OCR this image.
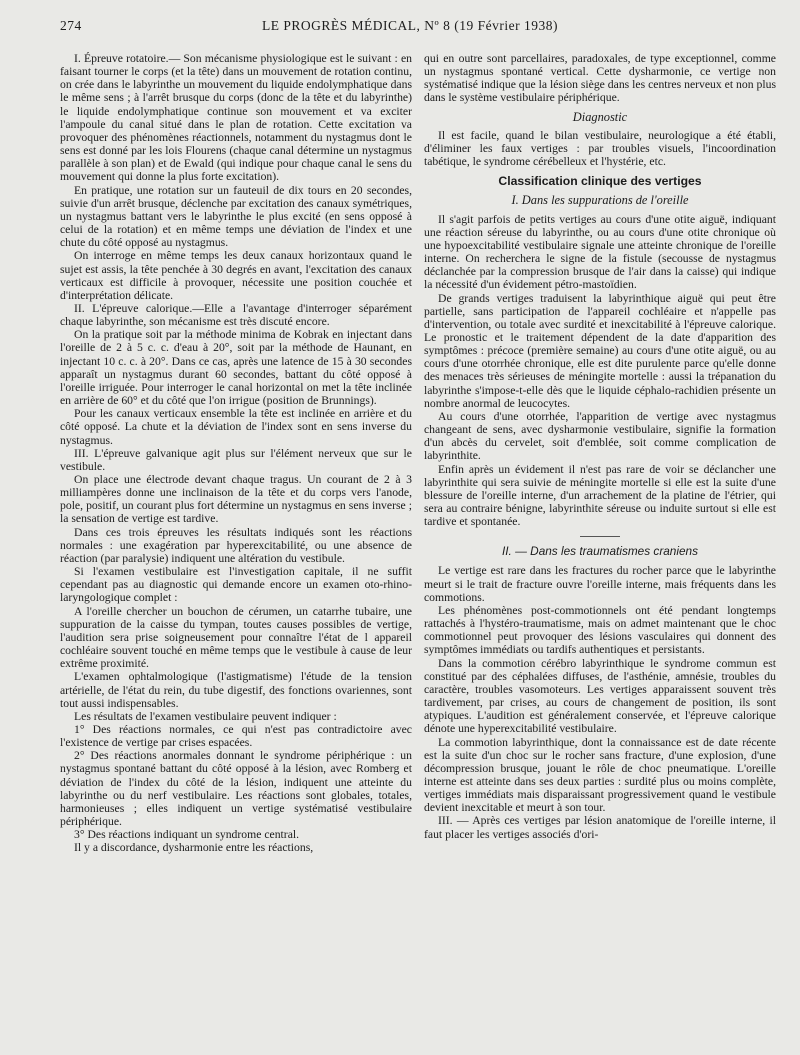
274	LE PROGRÈS MÉDICAL, Nº 8 (19 Février 1938)

I. Épreuve rotatoire.— Son mécanisme physiologique est le suivant : en faisant tourner le corps (et la tête) dans un mouvement de rotation continu, on crée dans le labyrinthe un mouvement du liquide endolymphatique dans le même sens ; à l'arrêt brusque du corps (donc de la tête et du labyrinthe) le liquide endolymphatique continue son mouvement et va exciter l'ampoule du canal situé dans le plan de rotation. Cette excitation va provoquer des phénomènes réactionnels, notamment du nystagmus dont le sens est donné par les lois Flourens (chaque canal détermine un nystagmus parallèle à son plan) et de Ewald (qui indique pour chaque canal le sens du mouvement qui donne la plus forte excitation).

En pratique, une rotation sur un fauteuil de dix tours en 20 secondes, suivie d'un arrêt brusque, déclenche par excitation des canaux symétriques, un nystagmus battant vers le labyrinthe le plus excité (en sens opposé à celui de la rotation) et en même temps une déviation de l'index et une chute du côté opposé au nystagmus.

On interroge en même temps les deux canaux horizontaux quand le sujet est assis, la tête penchée à 30 degrés en avant, l'excitation des canaux verticaux est difficile à provoquer, nécessite une position couchée et d'interprétation délicate.

II. L'épreuve calorique.—Elle a l'avantage d'interroger séparément chaque labyrinthe, son mécanisme est très discuté encore.

On la pratique soit par la méthode minima de Kobrak en injectant dans l'oreille de 2 à 5 c. c. d'eau à 20°, soit par la méthode de Haunant, en injectant 10 c. c. à 20°. Dans ce cas, après une latence de 15 à 30 secondes apparaît un nystagmus durant 60 secondes, battant du côté opposé à l'oreille irriguée. Pour interroger le canal horizontal on met la tête inclinée en arrière de 60° et du côté que l'on irrigue (position de Brunnings).

Pour les canaux verticaux ensemble la tête est inclinée en arrière et du côté opposé. La chute et la déviation de l'index sont en sens inverse du nystagmus.

III. L'épreuve galvanique agit plus sur l'élément nerveux que sur le vestibule.

On place une électrode devant chaque tragus. Un courant de 2 à 3 milliampères donne une inclinaison de la tête et du corps vers l'anode, pole, positif, un courant plus fort détermine un nystagmus en sens inverse ; la sensation de vertige est tardive.

Dans ces trois épreuves les résultats indiqués sont les réactions normales : une exagération par hyperexcitabilité, ou une absence de réaction (par paralysie) indiquent une altération du vestibule.

Si l'examen vestibulaire est l'investigation capitale, il ne suffit cependant pas au diagnostic qui demande encore un examen oto-rhino-laryngologique complet :

A l'oreille chercher un bouchon de cérumen, un catarrhe tubaire, une suppuration de la caisse du tympan, toutes causes possibles de vertige, l'audition sera prise soigneusement pour connaître l'état de l appareil cochléaire souvent touché en même temps que le vestibule à cause de leur extrême proximité.

L'examen ophtalmologique (l'astigmatisme) l'étude de la tension artérielle, de l'état du rein, du tube digestif, des fonctions ovariennes, sont tout aussi indispensables.

Les résultats de l'examen vestibulaire peuvent indiquer :

1° Des réactions normales, ce qui n'est pas contradictoire avec l'existence de vertige par crises espacées.

2° Des réactions anormales donnant le syndrome périphérique : un nystagmus spontané battant du côté opposé à la lésion, avec Romberg et déviation de l'index du côté de la lésion, indiquent une atteinte du labyrinthe ou du nerf vestibulaire. Les réactions sont globales, totales, harmonieuses ; elles indiquent un vertige systématisé vestibulaire périphérique.

3° Des réactions indiquant un syndrome central.

Il y a discordance, dysharmonie entre les réactions,

qui en outre sont parcellaires, paradoxales, de type exceptionnel, comme un nystagmus spontané vertical. Cette dysharmonie, ce vertige non systématisé indique que la lésion siège dans les centres nerveux et non plus dans le système vestibulaire périphérique.

Diagnostic

Il est facile, quand le bilan vestibulaire, neurologique a été établi, d'éliminer les faux vertiges : par troubles visuels, l'incoordination tabétique, le syndrome cérébelleux et l'hystérie, etc.

Classification clinique des vertiges
I. Dans les suppurations de l'oreille

Il s'agit parfois de petits vertiges au cours d'une otite aiguë, indiquant une réaction séreuse du labyrinthe, ou au cours d'une otite chronique où une hypoexcitabilité vestibulaire signale une atteinte chronique de l'oreille interne. On recherchera le signe de la fistule (secousse de nystagmus déclanchée par la compression brusque de l'air dans la caisse) qui indique la nécessité d'un évidement pétro-mastoïdien.

De grands vertiges traduisent la labyrinthique aiguë qui peut être partielle, sans participation de l'appareil cochléaire et n'appelle pas d'intervention, ou totale avec surdité et inexcitabilité à l'épreuve calorique. Le pronostic et le traitement dépendent de la date d'apparition des symptômes : précoce (première semaine) au cours d'une otite aiguë, ou au cours d'une otorrhée chronique, elle est dite purulente parce qu'elle donne des menaces très sérieuses de méningite mortelle : aussi la trépanation du labyrinthe s'impose-t-elle dès que le liquide céphalo-rachidien présente un nombre anormal de leucocytes.

Au cours d'une otorrhée, l'apparition de vertige avec nystagmus changeant de sens, avec dysharmonie vestibulaire, signifie la formation d'un abcès du cervelet, soit d'emblée, soit comme complication de labyrinthite.

Enfin après un évidement il n'est pas rare de voir se déclancher une labyrinthite qui sera suivie de méningite mortelle si elle est la suite d'une blessure de l'oreille interne, d'un arrachement de la platine de l'étrier, qui sera au contraire bénigne, labyrinthite séreuse ou induite surtout si elle est tardive et spontanée.

II. — Dans les traumatismes craniens

Le vertige est rare dans les fractures du rocher parce que le labyrinthe meurt si le trait de fracture ouvre l'oreille interne, mais fréquents dans les commotions.

Les phénomènes post-commotionnels ont été pendant longtemps rattachés à l'hystéro-traumatisme, mais on admet maintenant que le choc commotionnel peut provoquer des lésions vasculaires qui donnent des symptômes immédiats ou tardifs authentiques et persistants.

Dans la commotion cérébro labyrinthique le syndrome commun est constitué par des céphalées diffuses, de l'asthénie, amnésie, troubles du caractère, troubles vasomoteurs. Les vertiges apparaissent souvent très tardivement, par crises, au cours de changement de position, ils sont atypiques. L'audition est généralement conservée, et l'épreuve calorique dénote une hyperexcitabilité vestibulaire.

La commotion labyrinthique, dont la connaissance est de date récente est la suite d'un choc sur le rocher sans fracture, d'une explosion, d'une décompression brusque, jouant le rôle de choc pneumatique. L'oreille interne est atteinte dans ses deux parties : surdité plus ou moins complète, vertiges immédiats mais disparaissant progressivement quand le vestibule devient inexcitable et meurt à son tour.

III. — Après ces vertiges par lésion anatomique de l'oreille interne, il faut placer les vertiges associés d'ori-
